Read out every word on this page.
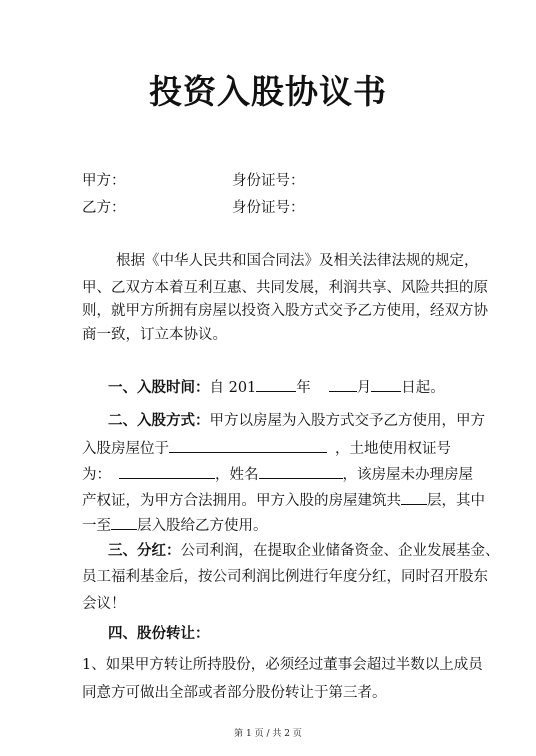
投资入股协议书
甲方：	身份证号：
乙方：	身份证号：
根据《中华人民共和国合同法》及相关法律法规的规定，
甲、乙双方本着互利互惠、共同发展，利润共享、风险共担的原
则，就甲方所拥有房屋以投资入股方式交予乙方使用，经双方协
商一致，订立本协议。
一、入股时间：自 201	年	月 日起。
二、入股方式：甲方以房屋为入股方式交予乙方使用，甲方
入股房屋位于	，土地使用权证号
为：	，姓名	，该房屋未办理房屋
产权证，为甲方合法拥用。甲方入股的房屋建筑共 层，其中
一至 层入股给乙方使用。
三、分红：公司利润，在提取企业储备资金、企业发展基金、
员工福利基金后，按公司利润比例进行年度分红，同时召开股东
会议！
四、股份转让：
1、如果甲方转让所持股份，必须经过董事会超过半数以上成员
同意方可做出全部或者部分股份转让于第三者。
第 1 页 / 共 2 页
